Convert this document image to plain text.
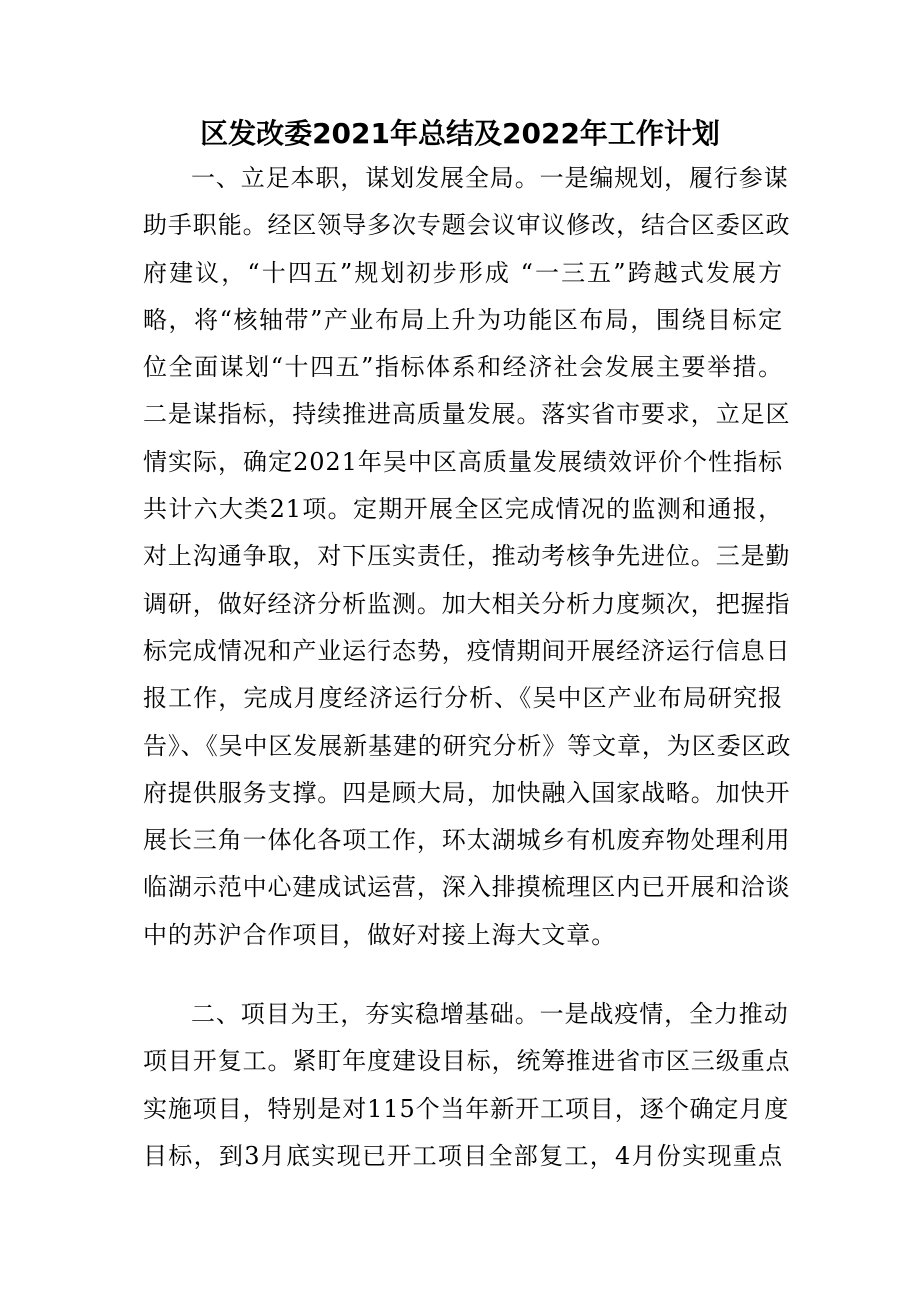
区发改委2021年总结及2022年工作计划
一、立足本职，谋划发展全局。一是编规划，履行参谋
助手职能。经区领导多次专题会议审议修改，结合区委区政
府建议，“十四五”规划初步形成 “一三五”跨越式发展方
略，将“核轴带”产业布局上升为功能区布局，围绕目标定
位全面谋划“十四五”指标体系和经济社会发展主要举措。
二是谋指标，持续推进高质量发展。落实省市要求，立足区
情实际，确定2021年吴中区高质量发展绩效评价个性指标
共计六大类21项。定期开展全区完成情况的监测和通报，
对上沟通争取，对下压实责任，推动考核争先进位。三是勤
调研，做好经济分析监测。加大相关分析力度频次，把握指
标完成情况和产业运行态势，疫情期间开展经济运行信息日
报工作，完成月度经济运行分析、《吴中区产业布局研究报
告》、《吴中区发展新基建的研究分析》等文章，为区委区政
府提供服务支撑。四是顾大局，加快融入国家战略。加快开
展长三角一体化各项工作，环太湖城乡有机废弃物处理利用
临湖示范中心建成试运营，深入排摸梳理区内已开展和洽谈
中的苏沪合作项目，做好对接上海大文章。
二、项目为王，夯实稳增基础。一是战疫情，全力推动
项目开复工。紧盯年度建设目标，统筹推进省市区三级重点
实施项目，特别是对115个当年新开工项目，逐个确定月度
目标，到3月底实现已开工项目全部复工，4月份实现重点
